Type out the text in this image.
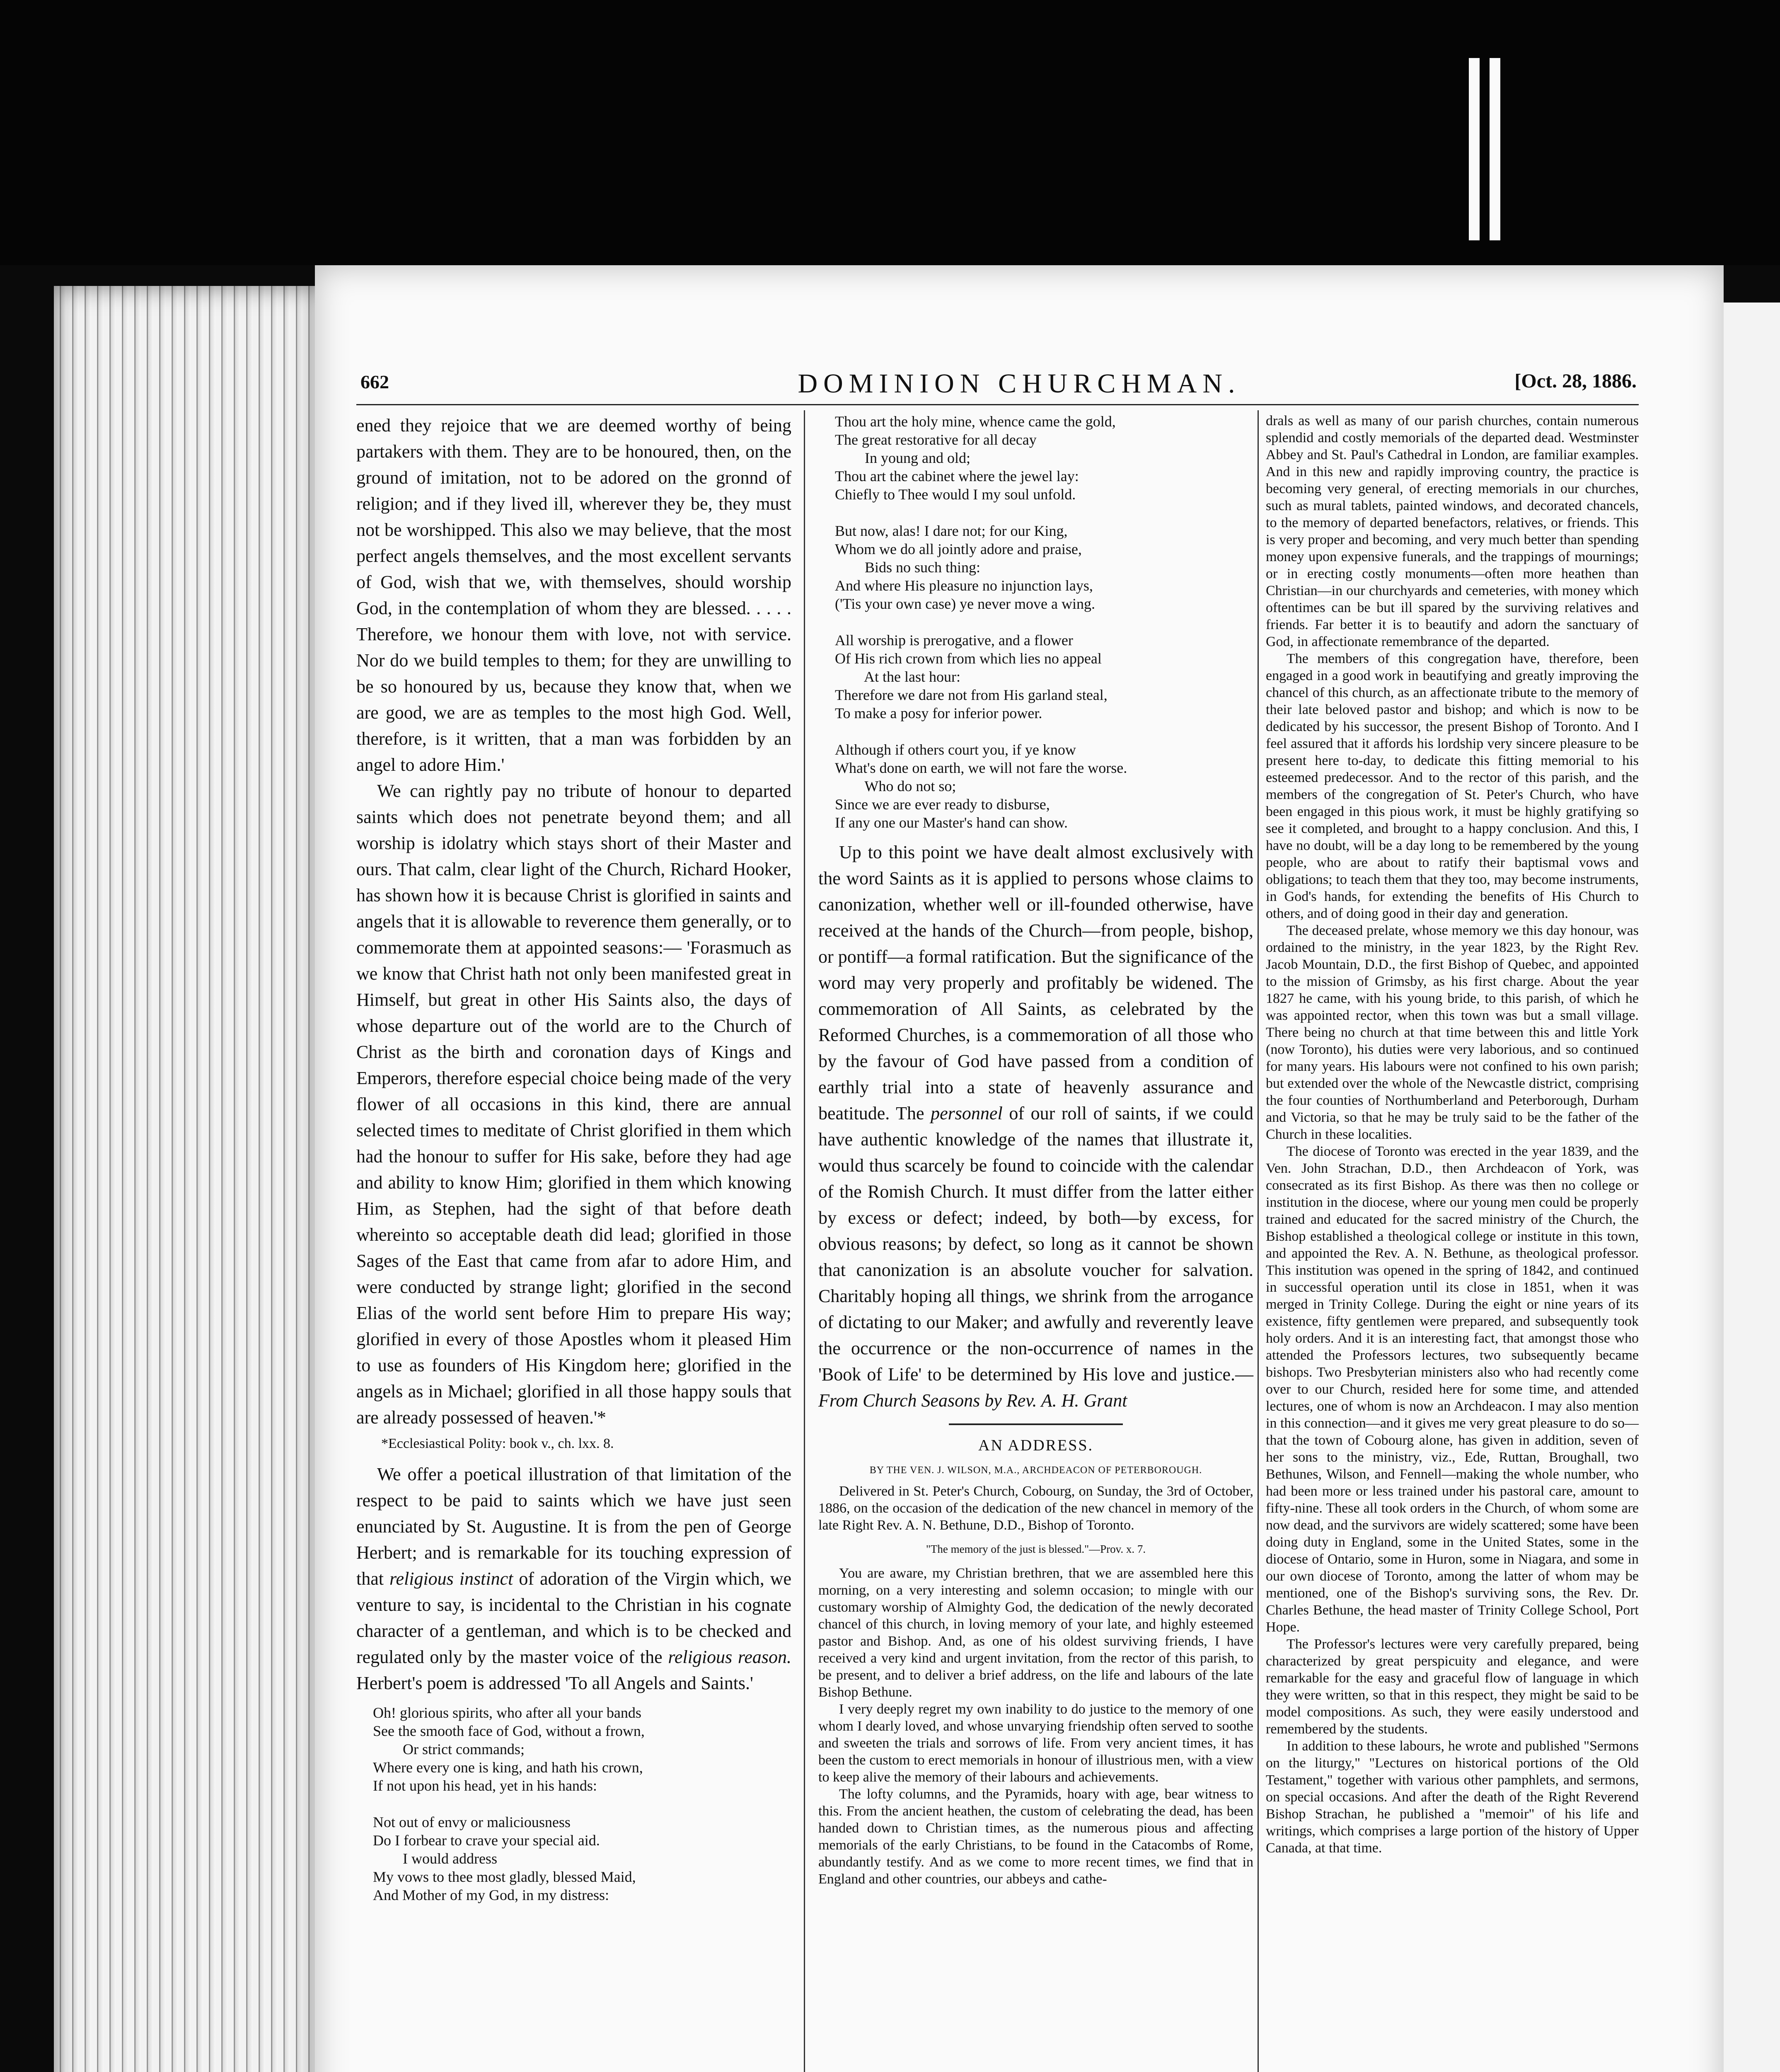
662	DOMINION CHURCHMAN.	[Oct. 28, 1886.

ened they rejoice that we are deemed worthy of being partakers with them. They are to be honoured, then, on the ground of imitation, not to be adored on the gronnd of religion; and if they lived ill, wherever they be, they must not be worshipped. This also we may believe, that the most perfect angels themselves, and the most excellent servants of God, wish that we, with themselves, should worship God, in the contemplation of whom they are blessed. . . . . Therefore, we honour them with love, not with service. Nor do we build temples to them; for they are unwilling to be so honoured by us, because they know that, when we are good, we are as temples to the most high God. Well, therefore, is it written, that a man was forbidden by an angel to adore Him.'

We can rightly pay no tribute of honour to departed saints which does not penetrate beyond them; and all worship is idolatry which stays short of their Master and ours. That calm, clear light of the Church, Richard Hooker, has shown how it is because Christ is glorified in saints and angels that it is allowable to reverence them generally, or to commemorate them at appointed seasons:— 'Forasmuch as we know that Christ hath not only been manifested great in Himself, but great in other His Saints also, the days of whose departure out of the world are to the Church of Christ as the birth and coronation days of Kings and Emperors, therefore especial choice being made of the very flower of all occasions in this kind, there are annual selected times to meditate of Christ glorified in them which had the honour to suffer for His sake, before they had age and ability to know Him; glorified in them which knowing Him, as Stephen, had the sight of that before death whereinto so acceptable death did lead; glorified in those Sages of the East that came from afar to adore Him, and were conducted by strange light; glorified in the second Elias of the world sent before Him to prepare His way; glorified in every of those Apostles whom it pleased Him to use as founders of His Kingdom here; glorified in the angels as in Michael; glorified in all those happy souls that are already possessed of heaven.'*

*Ecclesiastical Polity: book v., ch. lxx. 8.

We offer a poetical illustration of that limitation of the respect to be paid to saints which we have just seen enunciated by St. Augustine. It is from the pen of George Herbert; and is remarkable for its touching expression of that religious instinct of adoration of the Virgin which, we venture to say, is incidental to the Christian in his cognate character of a gentleman, and which is to be checked and regulated only by the master voice of the religious reason. Herbert's poem is addressed 'To all Angels and Saints.'

Oh! glorious spirits, who after all your bands
See the smooth face of God, without a frown,
Or strict commands;
Where every one is king, and hath his crown,
If not upon his head, yet in his hands:

Not out of envy or maliciousness
Do I forbear to crave your special aid.
I would address
My vows to thee most gladly, blessed Maid,
And Mother of my God, in my distress:
Thou art the holy mine, whence came the gold,
The great restorative for all decay
In young and old;
Thou art the cabinet where the jewel lay:
Chiefly to Thee would I my soul unfold.

But now, alas! I dare not; for our King,
Whom we do all jointly adore and praise,
Bids no such thing:
And where His pleasure no injunction lays,
('Tis your own case) ye never move a wing.

All worship is prerogative, and a flower
Of His rich crown from which lies no appeal
At the last hour:
Therefore we dare not from His garland steal,
To make a posy for inferior power.

Although if others court you, if ye know
What's done on earth, we will not fare the worse.
Who do not so;
Since we are ever ready to disburse,
If any one our Master's hand can show.

Up to this point we have dealt almost exclusively with the word Saints as it is applied to persons whose claims to canonization, whether well or ill-founded otherwise, have received at the hands of the Church—from people, bishop, or pontiff—a formal ratification. But the significance of the word may very properly and profitably be widened. The commemoration of All Saints, as celebrated by the Reformed Churches, is a commemoration of all those who by the favour of God have passed from a condition of earthly trial into a state of heavenly assurance and beatitude. The personnel of our roll of saints, if we could have authentic knowledge of the names that illustrate it, would thus scarcely be found to coincide with the calendar of the Romish Church. It must differ from the latter either by excess or defect; indeed, by both—by excess, for obvious reasons; by defect, so long as it cannot be shown that canonization is an absolute voucher for salvation. Charitably hoping all things, we shrink from the arrogance of dictating to our Maker; and awfully and reverently leave the occurrence or the non-occurrence of names in the 'Book of Life' to be determined by His love and justice.—From Church Seasons by Rev. A. H. Grant

AN ADDRESS.
BY THE VEN. J. WILSON, M.A., ARCHDEACON OF PETERBOROUGH.

Delivered in St. Peter's Church, Cobourg, on Sunday, the 3rd of October, 1886, on the occasion of the dedication of the new chancel in memory of the late Right Rev. A. N. Bethune, D.D., Bishop of Toronto.

"The memory of the just is blessed."—Prov. x. 7.

You are aware, my Christian brethren, that we are assembled here this morning, on a very interesting and solemn occasion; to mingle with our customary worship of Almighty God, the dedication of the newly decorated chancel of this church, in loving memory of your late, and highly esteemed pastor and Bishop. And, as one of his oldest surviving friends, I have received a very kind and urgent invitation, from the rector of this parish, to be present, and to deliver a brief address, on the life and labours of the late Bishop Bethune.

I very deeply regret my own inability to do justice to the memory of one whom I dearly loved, and whose unvarying friendship often served to soothe and sweeten the trials and sorrows of life. From very ancient times, it has been the custom to erect memorials in honour of illustrious men, with a view to keep alive the memory of their labours and achievements.

The lofty columns, and the Pyramids, hoary with age, bear witness to this. From the ancient heathen, the custom of celebrating the dead, has been handed down to Christian times, as the numerous pious and affecting memorials of the early Christians, to be found in the Catacombs of Rome, abundantly testify. And as we come to more recent times, we find that in England and other countries, our abbeys and cathe-

drals as well as many of our parish churches, contain numerous splendid and costly memorials of the departed dead. Westminster Abbey and St. Paul's Cathedral in London, are familiar examples. And in this new and rapidly improving country, the practice is becoming very general, of erecting memorials in our churches, such as mural tablets, painted windows, and decorated chancels, to the memory of departed benefactors, relatives, or friends. This is very proper and becoming, and very much better than spending money upon expensive funerals, and the trappings of mournings; or in erecting costly monuments—often more heathen than Christian—in our churchyards and cemeteries, with money which oftentimes can be but ill spared by the surviving relatives and friends. Far better it is to beautify and adorn the sanctuary of God, in affectionate remembrance of the departed.

The members of this congregation have, therefore, been engaged in a good work in beautifying and greatly improving the chancel of this church, as an affectionate tribute to the memory of their late beloved pastor and bishop; and which is now to be dedicated by his successor, the present Bishop of Toronto. And I feel assured that it affords his lordship very sincere pleasure to be present here to-day, to dedicate this fitting memorial to his esteemed predecessor. And to the rector of this parish, and the members of the congregation of St. Peter's Church, who have been engaged in this pious work, it must be highly gratifying so see it completed, and brought to a happy conclusion. And this, I have no doubt, will be a day long to be remembered by the young people, who are about to ratify their baptismal vows and obligations; to teach them that they too, may become instruments, in God's hands, for extending the benefits of His Church to others, and of doing good in their day and generation.

The deceased prelate, whose memory we this day honour, was ordained to the ministry, in the year 1823, by the Right Rev. Jacob Mountain, D.D., the first Bishop of Quebec, and appointed to the mission of Grimsby, as his first charge. About the year 1827 he came, with his young bride, to this parish, of which he was appointed rector, when this town was but a small village. There being no church at that time between this and little York (now Toronto), his duties were very laborious, and so continued for many years. His labours were not confined to his own parish; but extended over the whole of the Newcastle district, comprising the four counties of Northumberland and Peterborough, Durham and Victoria, so that he may be truly said to be the father of the Church in these localities.

The diocese of Toronto was erected in the year 1839, and the Ven. John Strachan, D.D., then Archdeacon of York, was consecrated as its first Bishop. As there was then no college or institution in the diocese, where our young men could be properly trained and educated for the sacred ministry of the Church, the Bishop established a theological college or institute in this town, and appointed the Rev. A. N. Bethune, as theological professor. This institution was opened in the spring of 1842, and continued in successful operation until its close in 1851, when it was merged in Trinity College. During the eight or nine years of its existence, fifty gentlemen were prepared, and subsequently took holy orders. And it is an interesting fact, that amongst those who attended the Professors lectures, two subsequently became bishops. Two Presbyterian ministers also who had recently come over to our Church, resided here for some time, and attended lectures, one of whom is now an Archdeacon. I may also mention in this connection—and it gives me very great pleasure to do so—that the town of Cobourg alone, has given in addition, seven of her sons to the ministry, viz., Ede, Ruttan, Broughall, two Bethunes, Wilson, and Fennell—making the whole number, who had been more or less trained under his pastoral care, amount to fifty-nine. These all took orders in the Church, of whom some are now dead, and the survivors are widely scattered; some have been doing duty in England, some in the United States, some in the diocese of Ontario, some in Huron, some in Niagara, and some in our own diocese of Toronto, among the latter of whom may be mentioned, one of the Bishop's surviving sons, the Rev. Dr. Charles Bethune, the head master of Trinity College School, Port Hope.

The Professor's lectures were very carefully prepared, being characterized by great perspicuity and elegance, and were remarkable for the easy and graceful flow of language in which they were written, so that in this respect, they might be said to be model compositions. As such, they were easily understood and remembered by the students.

In addition to these labours, he wrote and published "Sermons on the liturgy," "Lectures on historical portions of the Old Testament," together with various other pamphlets, and sermons, on special occasions. And after the death of the Right Reverend Bishop Strachan, he published a "memoir" of his life and writings, which comprises a large portion of the history of Upper Canada, at that time.
